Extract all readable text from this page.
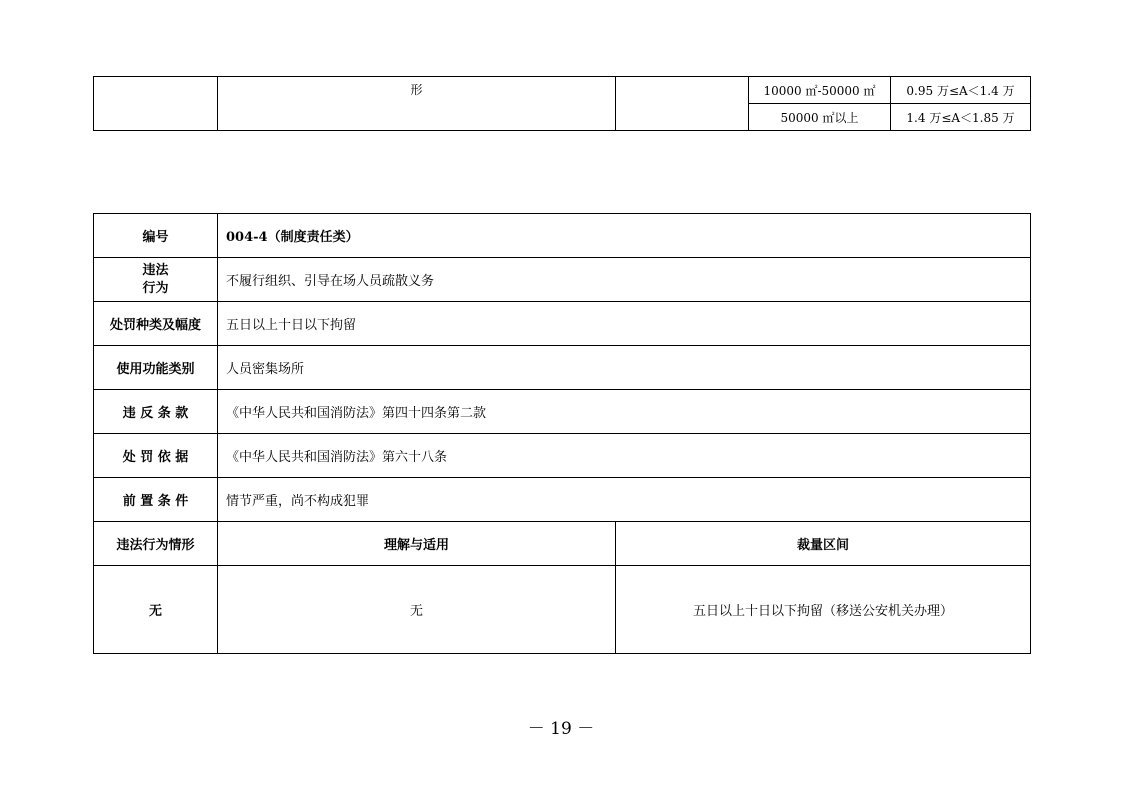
	形		10000 ㎡-50000 ㎡	0.95 万≤A＜1.4 万
			50000 ㎡以上	1.4 万≤A＜1.85 万
编号	004-4（制度责任类）	
违法
行为	不履行组织、引导在场人员疏散义务	
处罚种类及幅度	五日以上十日以下拘留	
使用功能类别	人员密集场所	
违 反 条 款	《中华人民共和国消防法》第四十四条第二款	
处 罚 依 据	《中华人民共和国消防法》第六十八条	
前 置 条 件	情节严重，尚不构成犯罪	
违法行为情形	理解与适用	裁量区间
无	无	五日以上十日以下拘留（移送公安机关办理）
－ 19 －
